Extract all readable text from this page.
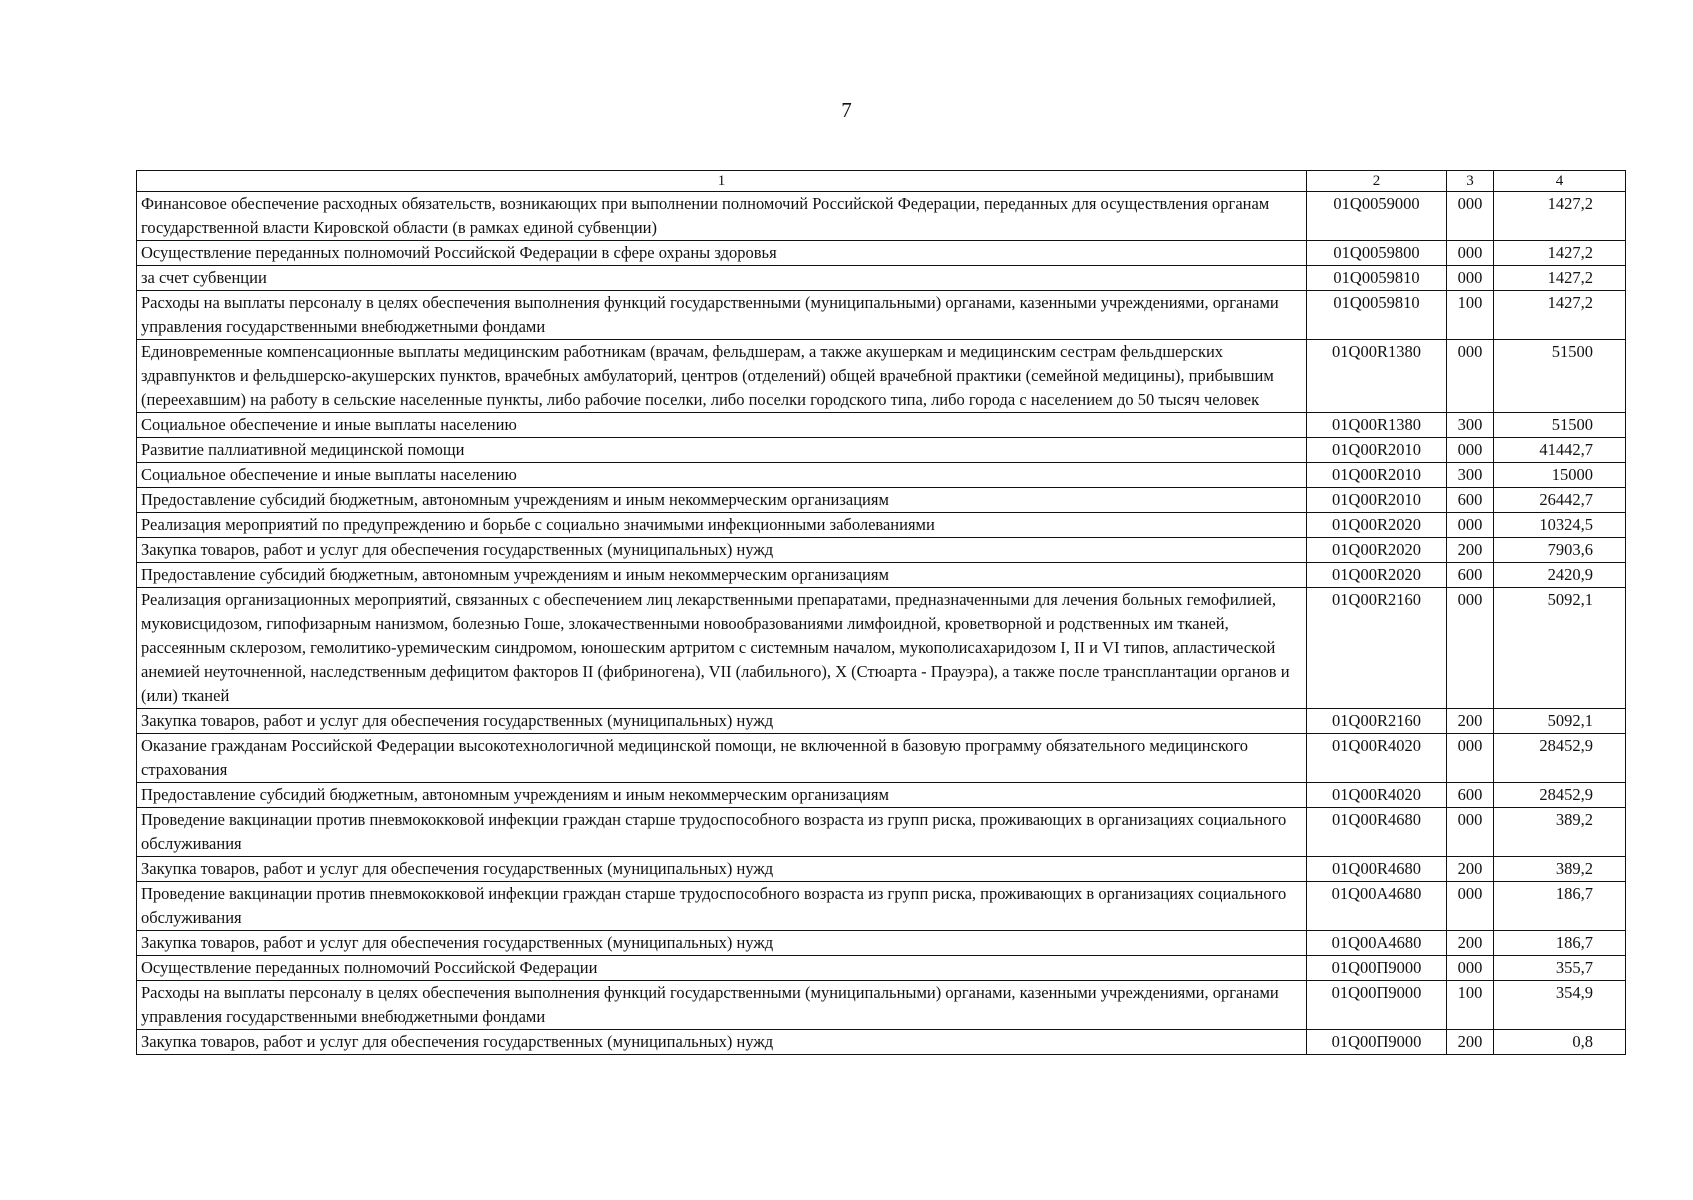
7
1	2	3	4
Финансовое обеспечение расходных обязательств, возникающих при выполнении полномочий Российской Федерации, переданных для осуществления органам государственной власти Кировской области (в рамках единой субвенции)	01Q0059000	000	1427,2
Осуществление переданных полномочий Российской Федерации в сфере охраны здоровья	01Q0059800	000	1427,2
за счет субвенции	01Q0059810	000	1427,2
Расходы на выплаты персоналу в целях обеспечения выполнения функций государственными (муниципальными) органами, казенными учреждениями, органами управления государственными внебюджетными фондами	01Q0059810	100	1427,2
Единовременные компенсационные выплаты медицинским работникам (врачам, фельдшерам, а также акушеркам и медицинским сестрам фельдшерских здравпунктов и фельдшерско-акушерских пунктов, врачебных амбулаторий, центров (отделений) общей врачебной практики (семейной медицины), прибывшим (переехавшим) на работу в сельские населенные пункты, либо рабочие поселки, либо поселки городского типа, либо города с населением до 50 тысяч человек	01Q00R1380	000	51500
Социальное обеспечение и иные выплаты населению	01Q00R1380	300	51500
Развитие паллиативной медицинской помощи	01Q00R2010	000	41442,7
Социальное обеспечение и иные выплаты населению	01Q00R2010	300	15000
Предоставление субсидий бюджетным, автономным учреждениям и иным некоммерческим организациям	01Q00R2010	600	26442,7
Реализация мероприятий по предупреждению и борьбе с социально значимыми инфекционными заболеваниями	01Q00R2020	000	10324,5
Закупка товаров, работ и услуг для обеспечения государственных (муниципальных) нужд	01Q00R2020	200	7903,6
Предоставление субсидий бюджетным, автономным учреждениям и иным некоммерческим организациям	01Q00R2020	600	2420,9
Реализация организационных мероприятий, связанных с обеспечением лиц лекарственными препаратами, предназначенными для лечения больных гемофилией, муковисцидозом, гипофизарным нанизмом, болезнью Гоше, злокачественными новообразованиями лимфоидной, кроветворной и родственных им тканей, рассеянным склерозом, гемолитико-уремическим синдромом, юношеским артритом с системным началом, мукополисахаридозом I, II и VI типов, апластической анемией неуточненной, наследственным дефицитом факторов II (фибриногена), VII (лабильного), X (Стюарта - Прауэра), а также после трансплантации органов и (или) тканей	01Q00R2160	000	5092,1
Закупка товаров, работ и услуг для обеспечения государственных (муниципальных) нужд	01Q00R2160	200	5092,1
Оказание гражданам Российской Федерации высокотехнологичной медицинской помощи, не включенной в базовую программу обязательного медицинского страхования	01Q00R4020	000	28452,9
Предоставление субсидий бюджетным, автономным учреждениям и иным некоммерческим организациям	01Q00R4020	600	28452,9
Проведение вакцинации против пневмококковой инфекции граждан старше трудоспособного возраста из групп риска, проживающих в организациях социального обслуживания	01Q00R4680	000	389,2
Закупка товаров, работ и услуг для обеспечения государственных (муниципальных) нужд	01Q00R4680	200	389,2
Проведение вакцинации против пневмококковой инфекции граждан старше трудоспособного возраста из групп риска, проживающих в организациях социального обслуживания	01Q00A4680	000	186,7
Закупка товаров, работ и услуг для обеспечения государственных (муниципальных) нужд	01Q00A4680	200	186,7
Осуществление переданных полномочий Российской Федерации	01Q00П9000	000	355,7
Расходы на выплаты персоналу в целях обеспечения выполнения функций государственными (муниципальными) органами, казенными учреждениями, органами управления государственными внебюджетными фондами	01Q00П9000	100	354,9
Закупка товаров, работ и услуг для обеспечения государственных (муниципальных) нужд	01Q00П9000	200	0,8
